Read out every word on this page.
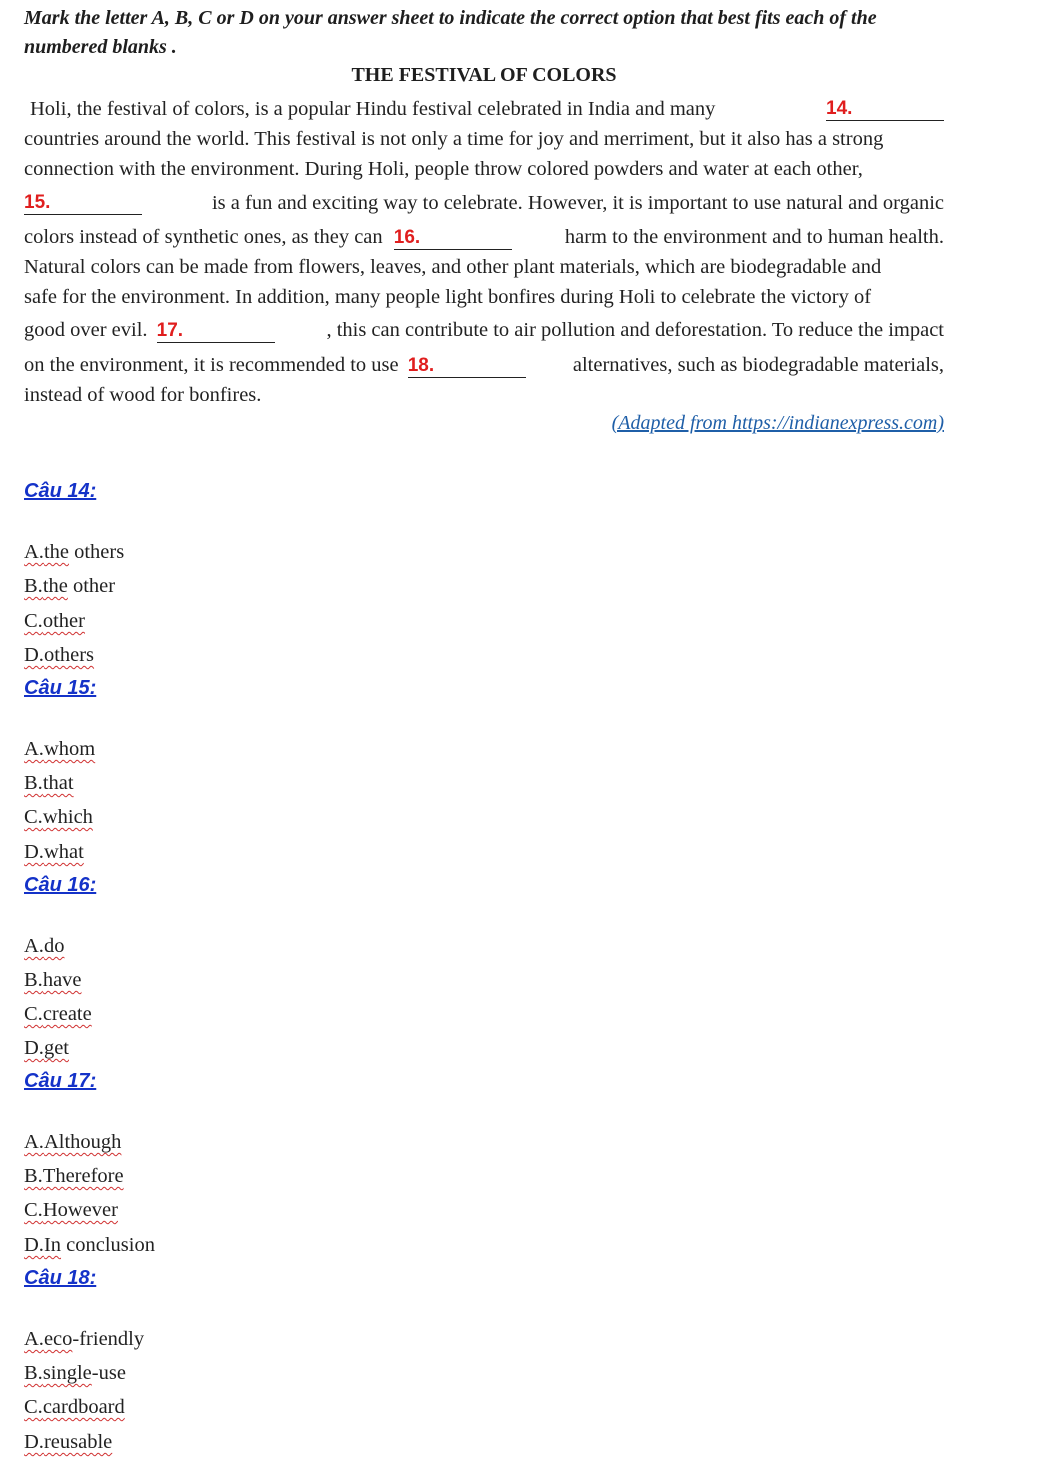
Mark the letter A, B, C or D on your answer sheet to indicate the correct option that best fits each of the numbered blanks .
THE FESTIVAL OF COLORS
Holi, the festival of colors, is a popular Hindu festival celebrated in India and many	14.
countries around the world. This festival is not only a time for joy and merriment, but it also has a strong
connection with the environment. During Holi, people throw colored powders and water at each other,
15.	is a fun and exciting way to celebrate. However, it is important to use natural and organic
colors instead of synthetic ones, as they can 16.	harm to the environment and to human health.
Natural colors can be made from flowers, leaves, and other plant materials, which are biodegradable and
safe for the environment. In addition, many people light bonfires during Holi to celebrate the victory of
good over evil. 17.	, this can contribute to air pollution and deforestation. To reduce the impact
on the environment, it is recommended to use 18.	alternatives, such as biodegradable materials,
instead of wood for bonfires.
(Adapted from https://indianexpress.com)
Câu 14:
A.the others
B.the other
C.other
D.others
Câu 15:
A.whom
B.that
C.which
D.what
Câu 16:
A.do
B.have
C.create
D.get
Câu 17:
A.Although
B.Therefore
C.However
D.In conclusion
Câu 18:
A.eco-friendly
B.single-use
C.cardboard
D.reusable
